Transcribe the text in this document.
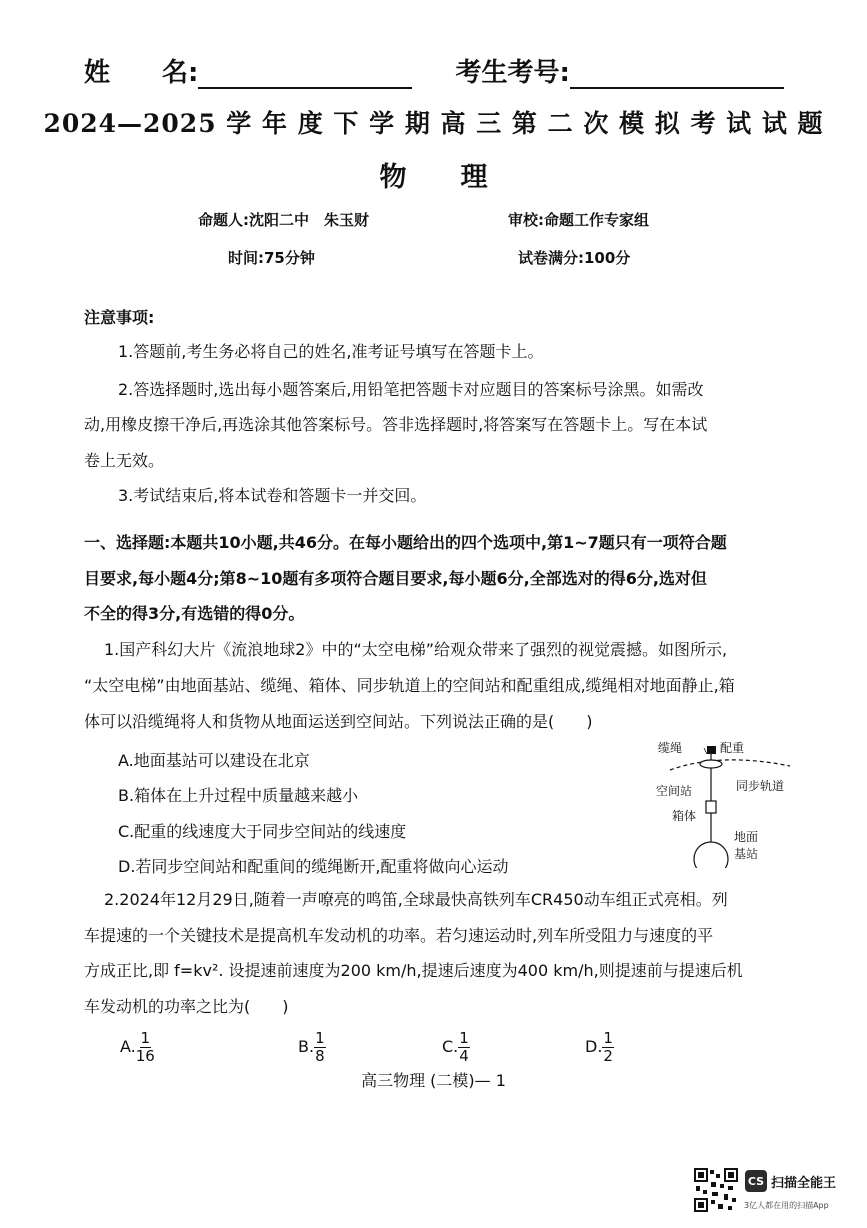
姓　　名:	考生考号:
2024—2025 学 年 度 下 学 期 高 三 第 二 次 模 拟 考 试 试 题
物　　理
命题人:沈阳二中　朱玉财	审校:命题工作专家组
时间:75分钟	试卷满分:100分
注意事项:
1.答题前,考生务必将自己的姓名,准考证号填写在答题卡上。
2.答选择题时,选出每小题答案后,用铅笔把答题卡对应题目的答案标号涂黑。如需改
动,用橡皮擦干净后,再选涂其他答案标号。答非选择题时,将答案写在答题卡上。写在本试
卷上无效。
3.考试结束后,将本试卷和答题卡一并交回。
一、选择题:本题共10小题,共46分。在每小题给出的四个选项中,第1~7题只有一项符合题
目要求,每小题4分;第8~10题有多项符合题目要求,每小题6分,全部选对的得6分,选对但
不全的得3分,有选错的得0分。
1.国产科幻大片《流浪地球2》中的“太空电梯”给观众带来了强烈的视觉震撼。如图所示,
“太空电梯”由地面基站、缆绳、箱体、同步轨道上的空间站和配重组成,缆绳相对地面静止,箱
体可以沿缆绳将人和货物从地面运送到空间站。下列说法正确的是(　　)
A.地面基站可以建设在北京
B.箱体在上升过程中质量越来越小
C.配重的线速度大于同步空间站的线速度
D.若同步空间站和配重间的缆绳断开,配重将做向心运动
缆绳	配重
同步轨道
空间站
箱体
地面
基站
2.2024年12月29日,随着一声嘹亮的鸣笛,全球最快高铁列车CR450动车组正式亮相。列
车提速的一个关键技术是提高机车发动机的功率。若匀速运动时,列车所受阻力与速度的平
方成正比,即 f=kv². 设提速前速度为200 km/h,提速后速度为400 km/h,则提速前与提速后机
车发动机的功率之比为(　　)
A. $\frac{1}{16}$	B. $\frac{1}{8}$	C. $\frac{1}{4}$	D. $\frac{1}{2}$
高三物理 (二模)— 1
CS 扫描全能王
3亿人都在用的扫描App
